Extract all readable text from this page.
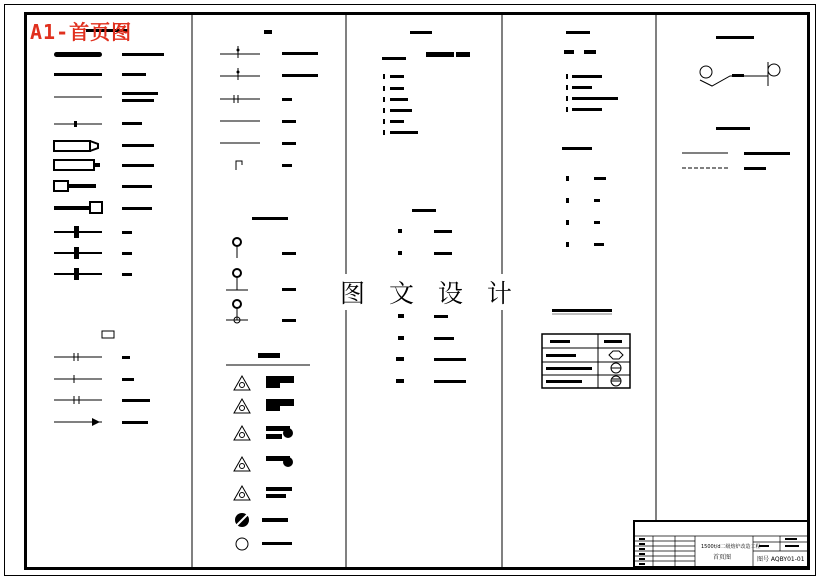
A1-首页图
图 文 设 计
1500t/d二级熔炉改造工程
首页图	图号 AQBY01-01
